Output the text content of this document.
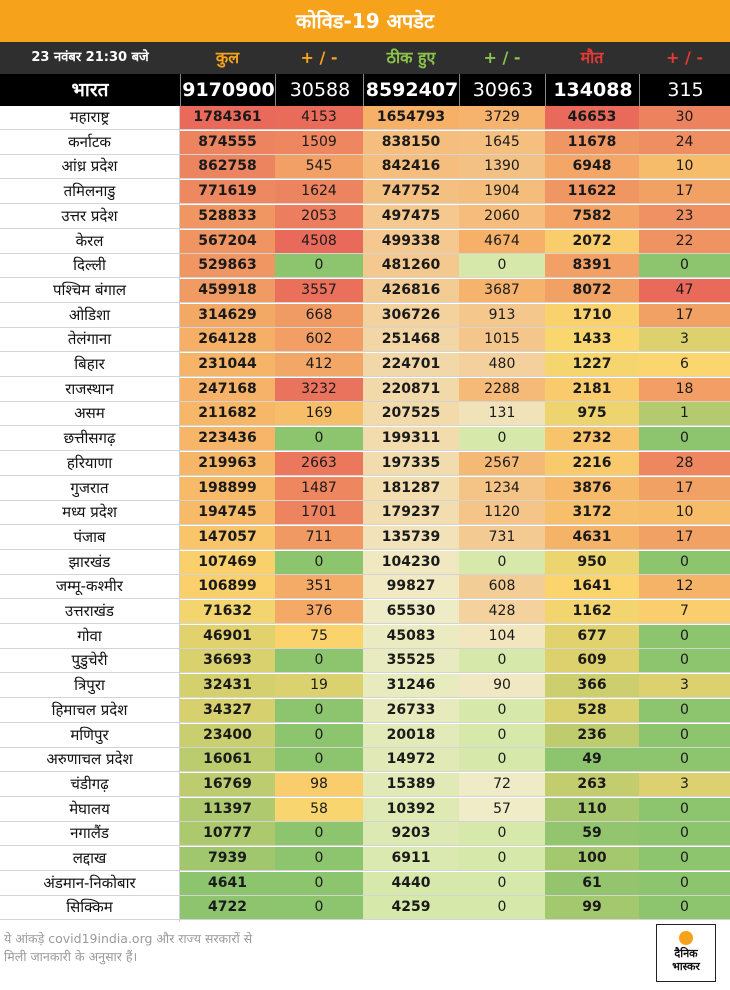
कोविड-19 अपडेट
23 नवंबर 21:30 बजे	कुल	+ / -	ठीक हुए	+ / -	मौत	+ / -
भारत	9170900 30588 8592407 30963	134088	315
महाराष्ट्र	1784361	4153	1654793	3729	46653	30
कर्नाटक	874555	1509	838150	1645	11678	24
आंध्र प्रदेश	862758	545	842416	1390	6948	10
तमिलनाडु	771619	1624	747752	1904	11622	17
उत्तर प्रदेश	528833	2053	497475	2060	7582	23
केरल	567204	4508	499338	4674	2072	22
दिल्ली	529863	0	481260	0	8391	0
पश्चिम बंगाल	459918	3557	426816	3687	8072	47
ओडिशा	314629	668	306726	913	1710	17
तेलंगाना	264128	602	251468	1015	1433	3
बिहार	231044	412	224701	480	1227	6
राजस्थान	247168	3232	220871	2288	2181	18
असम	211682	169	207525	131	975	1
छत्तीसगढ़	223436	0	199311	0	2732	0
हरियाणा	219963	2663	197335	2567	2216	28
गुजरात	198899	1487	181287	1234	3876	17
मध्य प्रदेश	194745	1701	179237	1120	3172	10
पंजाब	147057	711	135739	731	4631	17
झारखंड	107469	0	104230	0	950	0
जम्मू-कश्मीर	106899	351	99827	608	1641	12
उत्तराखंड	71632	376	65530	428	1162	7
गोवा	46901	75	45083	104	677	0
पुडुचेरी	36693	0	35525	0	609	0
त्रिपुरा	32431	19	31246	90	366	3
हिमाचल प्रदेश	34327	0	26733	0	528	0
मणिपुर	23400	0	20018	0	236	0
अरुणाचल प्रदेश	16061	0	14972	0	49	0
चंडीगढ़	16769	98	15389	72	263	3
मेघालय	11397	58	10392	57	110	0
नगालैंड	10777	0	9203	0	59	0
लद्दाख	7939	0	6911	0	100	0
अंडमान-निकोबार	4641	0	4440	0	61	0
सिक्किम	4722	0	4259	0	99	0
ये आंकड़े covid19india.org और राज्य सरकारों से
मिली जानकारी के अनुसार हैं।	दैनिक
भास्कर
